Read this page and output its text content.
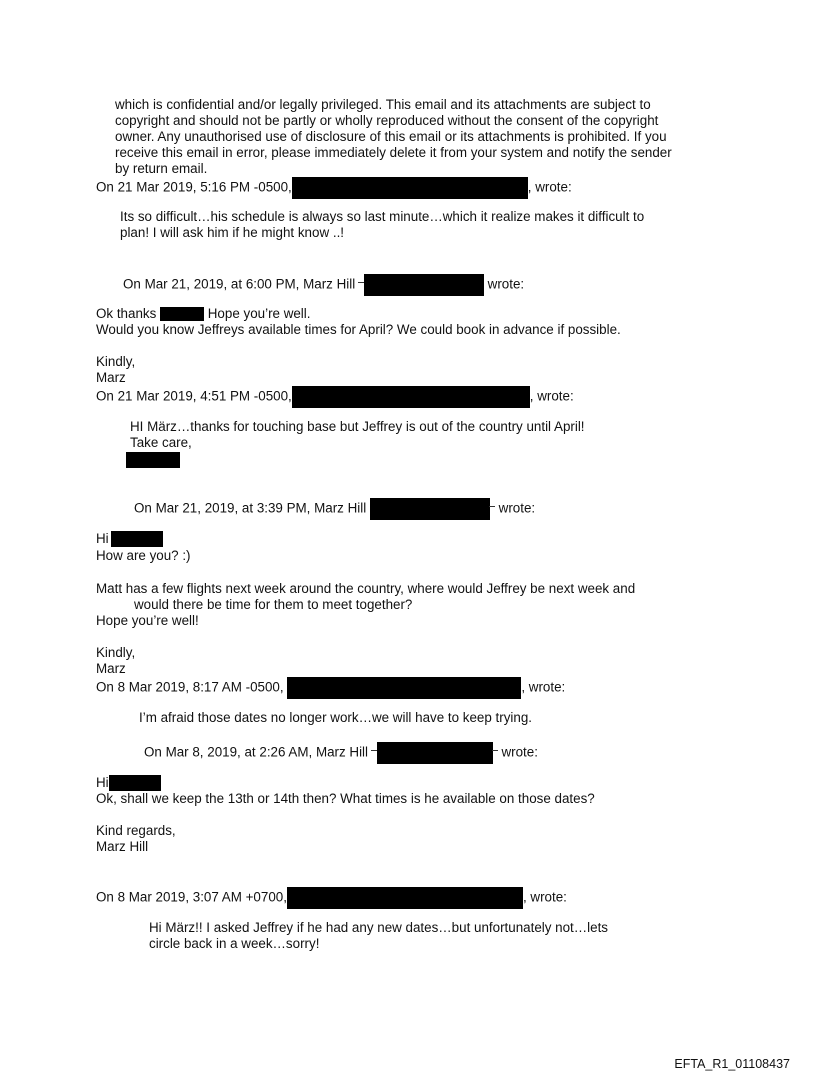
which is confidential and/or legally privileged. This email and its attachments are subject to
copyright and should not be partly or wholly reproduced without the consent of the copyright
owner. Any unauthorised use of disclosure of this email or its attachments is prohibited. If you
receive this email in error, please immediately delete it from your system and notify the sender
by return email.
On 21 Mar 2019, 5:16 PM -0500,	, wrote:
Its so difficult…his schedule is always so last minute…which it realize makes it difficult to
plan! I will ask him if he might know ..!
On Mar 21, 2019, at 6:00 PM, Marz Hill	wrote:
Ok thanks	Hope you’re well.
Would you know Jeffreys available times for April? We could book in advance if possible.
Kindly,
Marz
On 21 Mar 2019, 4:51 PM -0500,	, wrote:
HI März…thanks for touching base but Jeffrey is out of the country until April!
Take care,
On Mar 21, 2019, at 3:39 PM, Marz Hill	wrote:
Hi
How are you? :)
Matt has a few flights next week around the country, where would Jeffrey be next week and
would there be time for them to meet together?
Hope you’re well!
Kindly,
Marz
On 8 Mar 2019, 8:17 AM -0500,	, wrote:
I’m afraid those dates no longer work…we will have to keep trying.
On Mar 8, 2019, at 2:26 AM, Marz Hill	wrote:
Hi
Ok, shall we keep the 13th or 14th then? What times is he available on those dates?
Kind regards,
Marz Hill
On 8 Mar 2019, 3:07 AM +0700,	, wrote:
Hi März!! I asked Jeffrey if he had any new dates…but unfortunately not…lets
circle back in a week…sorry!
EFTA_R1_01108437
